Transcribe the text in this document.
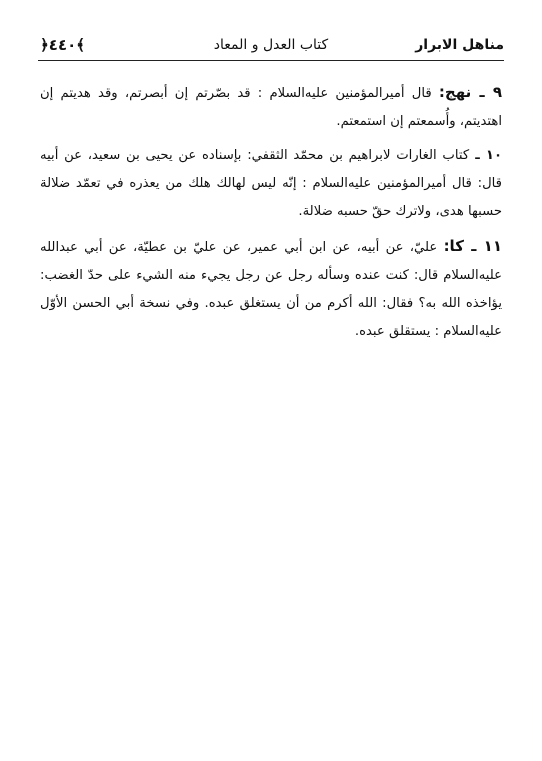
﴿٤٤٠﴾	كتاب العدل و المعاد	مناهل الابرار

٩ ـ نهج: قال أميرالمؤمنين عليه‌السلام : قد بصّرتم إن أبصرتم، وقد هديتم إن اهتديتم، وأُسمعتم إن استمعتم.

١٠ ـ كتاب الغارات لابراهيم بن محمّد الثقفي: بإسناده عن يحيى بن سعيد، عن أبيه قال: قال أميرالمؤمنين عليه‌السلام : إنّه ليس لهالك هلك من يعذره في تعمّد ضلالة حسبها هدى، ولاترك حقّ حسبه ضلالة.

١١ ـ كا: عليّ، عن أبيه، عن ابن أبي عمير، عن عليّ بن عطيّة، عن أبي عبدالله عليه‌السلام قال: كنت عنده وسأله رجل عن رجل يجيء منه الشيء على حدّ الغضب: يؤاخذه الله به؟ فقال: الله أكرم من أن يستغلق عبده. وفي نسخة أبي الحسن الأوّل عليه‌السلام : يستقلق عبده.
